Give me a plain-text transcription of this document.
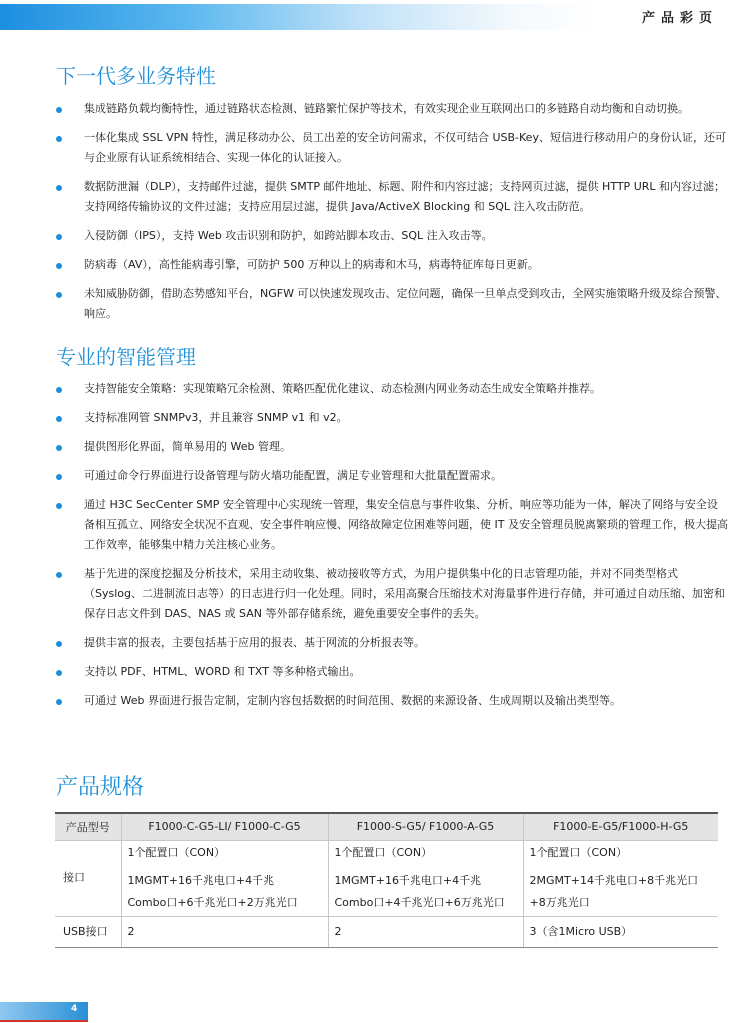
产品彩页
下一代多业务特性
集成链路负载均衡特性，通过链路状态检测、链路繁忙保护等技术，有效实现企业互联网出口的多链路自动均衡和自动切换。
一体化集成 SSL VPN 特性，满足移动办公、员工出差的安全访问需求，不仅可结合 USB-Key、短信进行移动用户的身份认证，还可与企业原有认证系统相结合、实现一体化的认证接入。
数据防泄漏（DLP），支持邮件过滤，提供 SMTP 邮件地址、标题、附件和内容过滤；支持网页过滤，提供 HTTP URL 和内容过滤；支持网络传输协议的文件过滤；支持应用层过滤，提供 Java/ActiveX Blocking 和 SQL 注入攻击防范。
入侵防御（IPS），支持 Web 攻击识别和防护，如跨站脚本攻击、SQL 注入攻击等。
防病毒（AV），高性能病毒引擎，可防护 500 万种以上的病毒和木马，病毒特征库每日更新。
未知威胁防御，借助态势感知平台，NGFW 可以快速发现攻击、定位问题，确保一旦单点受到攻击，全网实施策略升级及综合预警、响应。
专业的智能管理
支持智能安全策略：实现策略冗余检测、策略匹配优化建议、动态检测内网业务动态生成安全策略并推荐。
支持标准网管 SNMPv3，并且兼容 SNMP v1 和 v2。
提供图形化界面，简单易用的 Web 管理。
可通过命令行界面进行设备管理与防火墙功能配置，满足专业管理和大批量配置需求。
通过 H3C SecCenter SMP 安全管理中心实现统一管理，集安全信息与事件收集、分析、响应等功能为一体，解决了网络与安全设备相互孤立、网络安全状况不直观、安全事件响应慢、网络故障定位困难等问题，使 IT 及安全管理员脱离繁琐的管理工作，极大提高工作效率，能够集中精力关注核心业务。
基于先进的深度挖掘及分析技术，采用主动收集、被动接收等方式，为用户提供集中化的日志管理功能，并对不同类型格式（Syslog、二进制流日志等）的日志进行归一化处理。同时，采用高聚合压缩技术对海量事件进行存储，并可通过自动压缩、加密和保存日志文件到 DAS、NAS 或 SAN 等外部存储系统，避免重要安全事件的丢失。
提供丰富的报表，主要包括基于应用的报表、基于网流的分析报表等。
支持以 PDF、HTML、WORD 和 TXT 等多种格式输出。
可通过 Web 界面进行报告定制，定制内容包括数据的时间范围、数据的来源设备、生成周期以及输出类型等。
产品规格
产品型号	F1000-C-G5-LI/ F1000-C-G5	F1000-S-G5/ F1000-A-G5	F1000-E-G5/F1000-H-G5
接口	1个配置口（CON）
1MGMT+16千兆电口+4千兆
Combo口+6千兆光口+2万兆光口	1个配置口（CON）
1MGMT+16千兆电口+4千兆
Combo口+4千兆光口+6万兆光口	1个配置口（CON）
2MGMT+14千兆电口+8千兆光口
+8万兆光口

USB接口	2	2	3（含1Micro USB）
4
